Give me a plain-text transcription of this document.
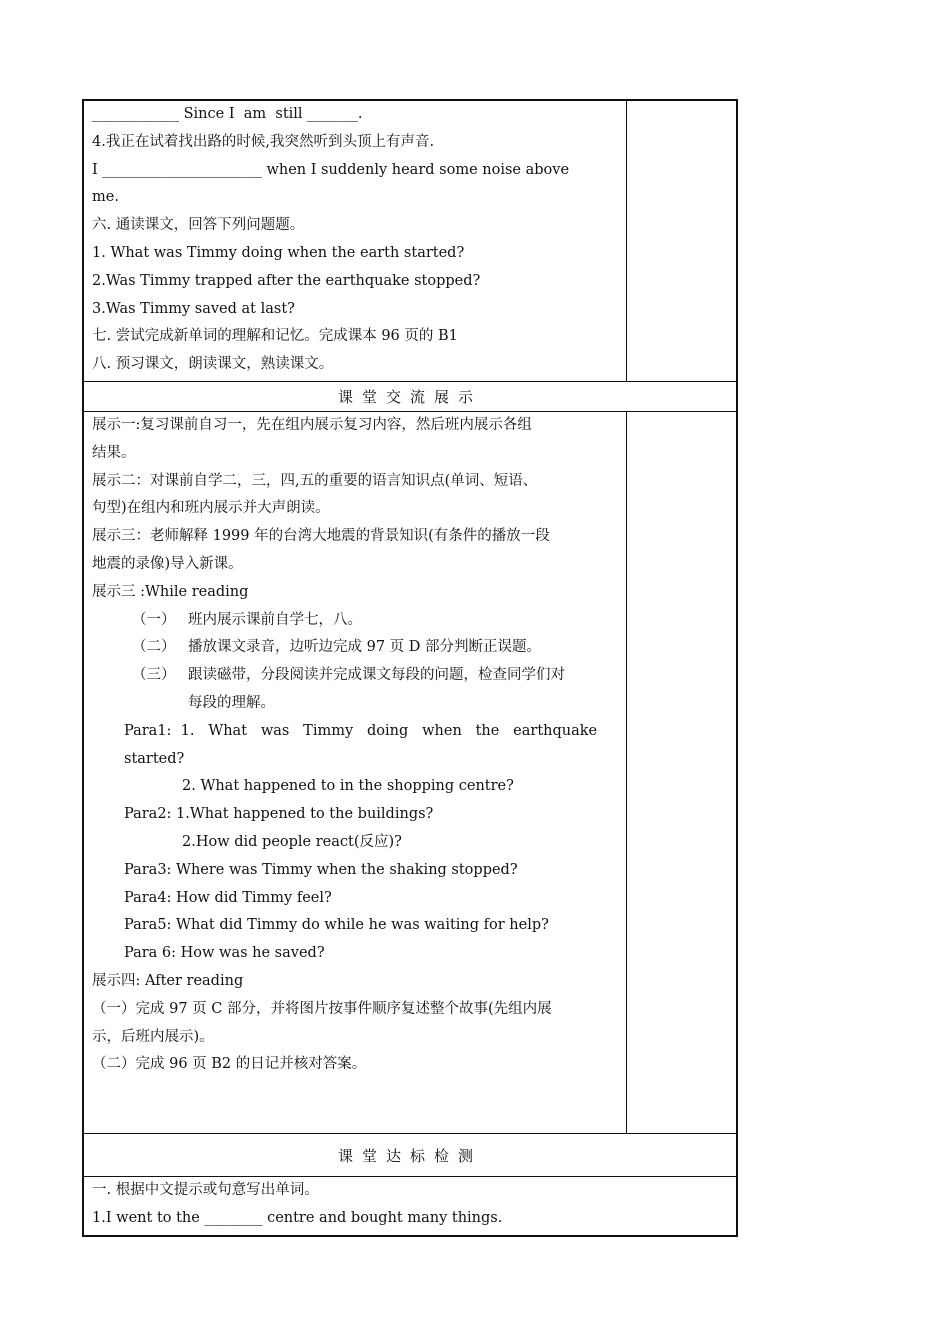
____________ Since I  am  still _______.
4.我正在试着找出路的时候,我突然听到头顶上有声音.
I ______________________ when I suddenly heard some noise above
me.
六. 通读课文，回答下列问题题。
1. What was Timmy doing when the earth started?
2.Was Timmy trapped after the earthquake stopped?
3.Was Timmy saved at last?
七. 尝试完成新单词的理解和记忆。完成课本 96 页的 B1
八. 预习课文，朗读课文，熟读课文。
课堂交流展示
展示一:复习课前自习一，先在组内展示复习内容，然后班内展示各组
结果。
展示二：对课前自学二，三，四,五的重要的语言知识点(单词、短语、
句型)在组内和班内展示并大声朗读。
展示三：老师解释 1999 年的台湾大地震的背景知识(有条件的播放一段
地震的录像)导入新课。
展示三 :While reading
（一） 班内展示课前自学七，八。
（二） 播放课文录音，边听边完成 97 页 D 部分判断正误题。
（三） 跟读磁带，分段阅读并完成课文每段的问题，检查同学们对
每段的理解。
Para1:  1.   What   was   Timmy   doing   when   the   earthquake
started?
2. What happened to in the shopping centre?
Para2: 1.What happened to the buildings?
2.How did people react(反应)?
Para3: Where was Timmy when the shaking stopped?
Para4: How did Timmy feel?
Para5: What did Timmy do while he was waiting for help?
Para 6: How was he saved?
展示四: After reading
（一）完成 97 页 C 部分，并将图片按事件顺序复述整个故事(先组内展
示，后班内展示)。
（二）完成 96 页 B2 的日记并核对答案。
课堂达标检测
一. 根据中文提示或句意写出单词。
1.I went to the ________ centre and bought many things.
